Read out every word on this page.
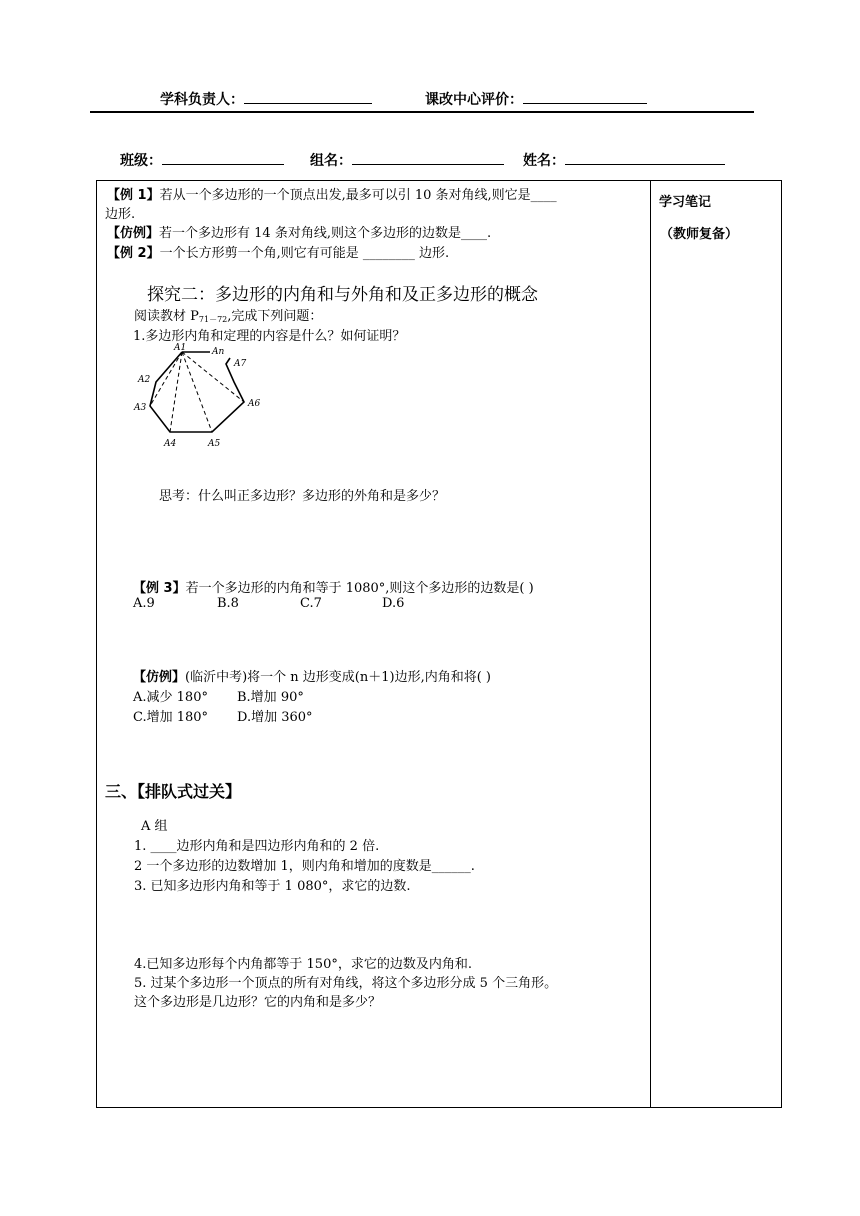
学科负责人：	课改中心评价：
班级：	组名：	姓名：
学习笔记
（教师复备）
【例 1】若从一个多边形的一个顶点出发,最多可以引 10 条对角线,则它是____
边形.
【仿例】若一个多边形有 14 条对角线,则这个多边形的边数是____.
【例 2】一个长方形剪一个角,则它有可能是 ________ 边形.
探究二：多边形的内角和与外角和及正多边形的概念
阅读教材 $P_{71-72}$,完成下列问题：
1.多边形内角和定理的内容是什么？如何证明？
A1	An
A7
A2
A6
A3
A4	A5
思考：什么叫正多边形？多边形的外角和是多少？
【例 3】若一个多边形的内角和等于 1080°,则这个多边形的边数是( )
A.9	B.8	C.7	D.6
【仿例】(临沂中考)将一个 n 边形变成(n＋1)边形,内角和将( )
A.减少 180° B.增加 90°
C.增加 180° D.增加 360°
三、【排队式过关】
A 组
1. ____边形内角和是四边形内角和的 2 倍.
2 一个多边形的边数增加 1，则内角和增加的度数是______.
3. 已知多边形内角和等于 1 080°，求它的边数.
4.已知多边形每个内角都等于 150°，求它的边数及内角和.
5. 过某个多边形一个顶点的所有对角线，将这个多边形分成 5 个三角形。
这个多边形是几边形？它的内角和是多少？
